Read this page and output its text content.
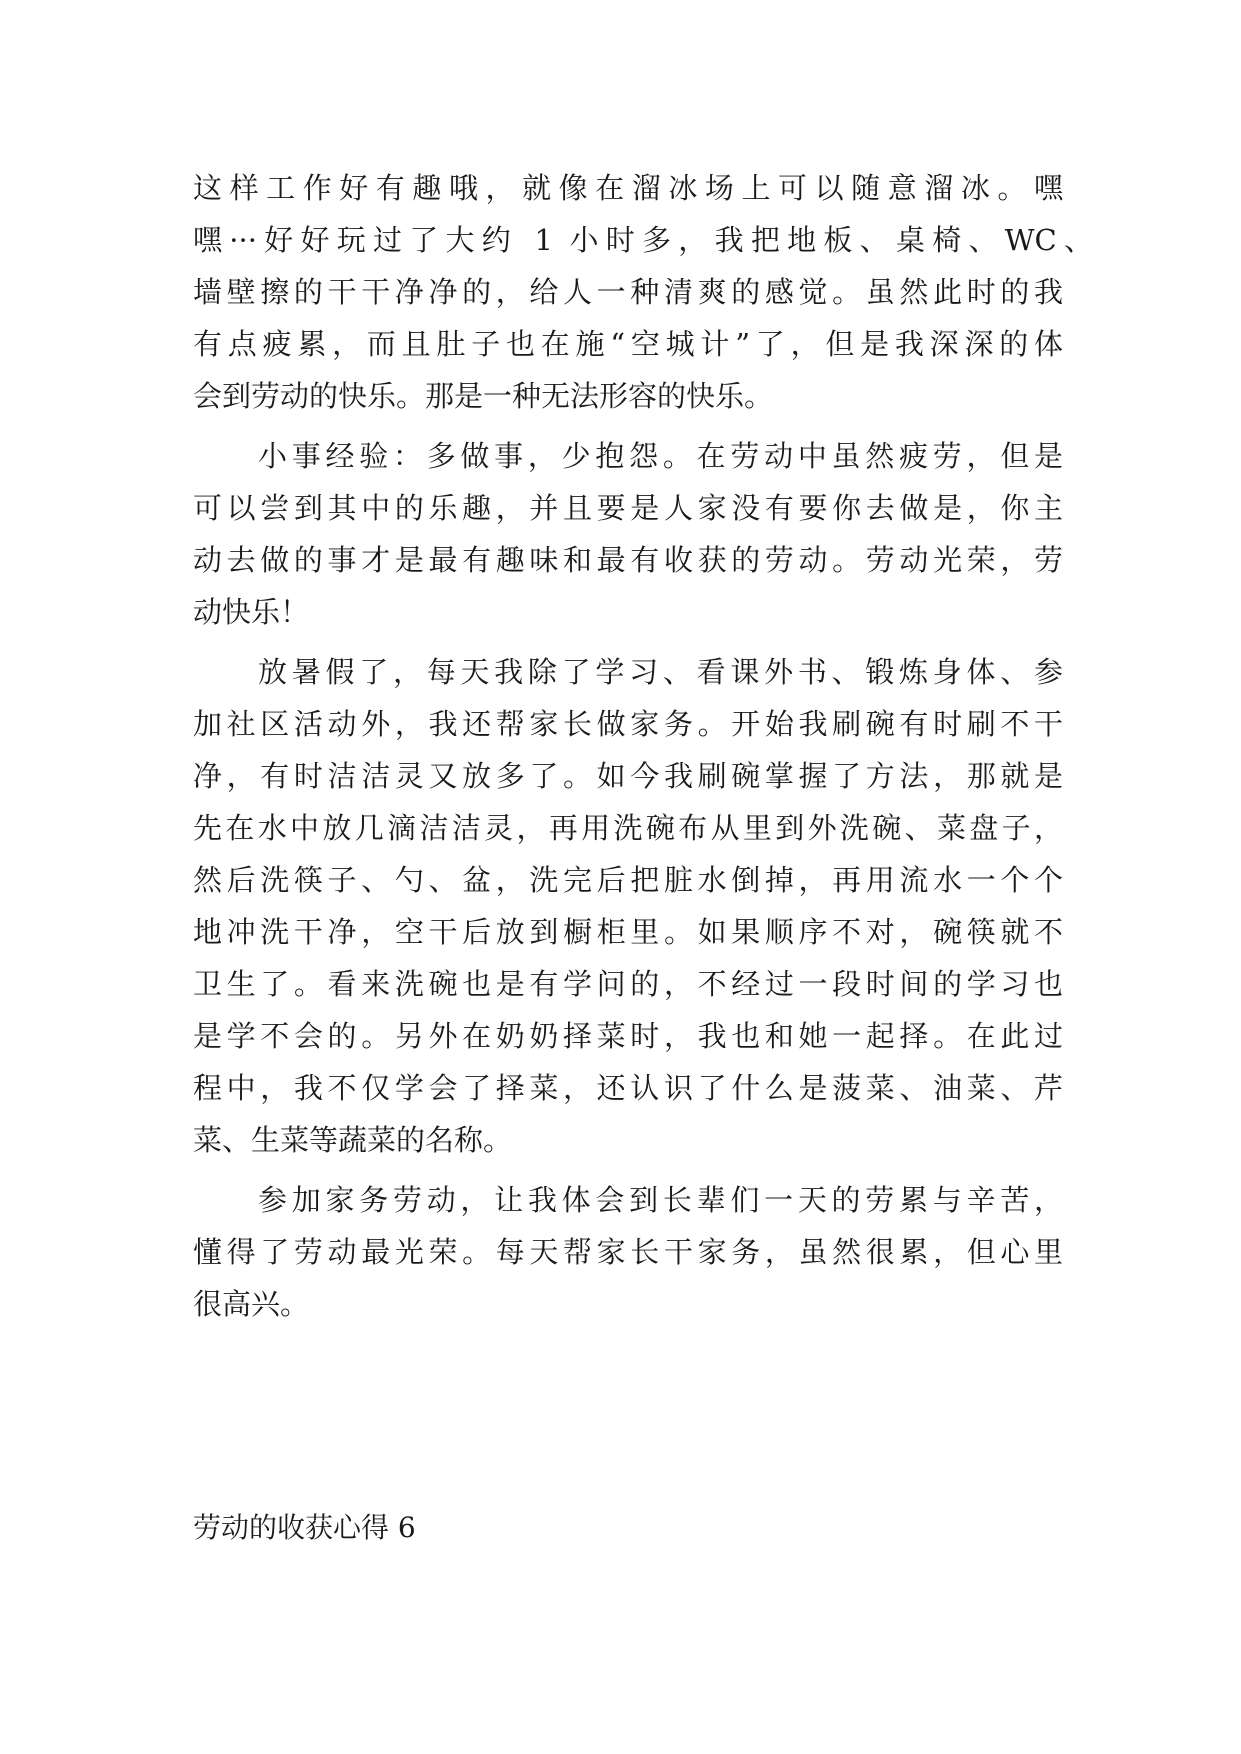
这样工作好有趣哦，就像在溜冰场上可以随意溜冰。嘿
嘿···好好玩过了大约 1 小时多，我把地板、桌椅、WC、
墙壁擦的干干净净的，给人一种清爽的感觉。虽然此时的我
有点疲累，而且肚子也在施“空城计”了，但是我深深的体
会到劳动的快乐。那是一种无法形容的快乐。
小事经验：多做事，少抱怨。在劳动中虽然疲劳，但是
可以尝到其中的乐趣，并且要是人家没有要你去做是，你主
动去做的事才是最有趣味和最有收获的劳动。劳动光荣，劳
动快乐！
放暑假了，每天我除了学习、看课外书、锻炼身体、参
加社区活动外，我还帮家长做家务。开始我刷碗有时刷不干
净，有时洁洁灵又放多了。如今我刷碗掌握了方法，那就是
先在水中放几滴洁洁灵，再用洗碗布从里到外洗碗、菜盘子，
然后洗筷子、勺、盆，洗完后把脏水倒掉，再用流水一个个
地冲洗干净，空干后放到橱柜里。如果顺序不对，碗筷就不
卫生了。看来洗碗也是有学问的，不经过一段时间的学习也
是学不会的。另外在奶奶择菜时，我也和她一起择。在此过
程中，我不仅学会了择菜，还认识了什么是菠菜、油菜、芹
菜、生菜等蔬菜的名称。
参加家务劳动，让我体会到长辈们一天的劳累与辛苦，
懂得了劳动最光荣。每天帮家长干家务，虽然很累，但心里
很高兴。
劳动的收获心得 6
